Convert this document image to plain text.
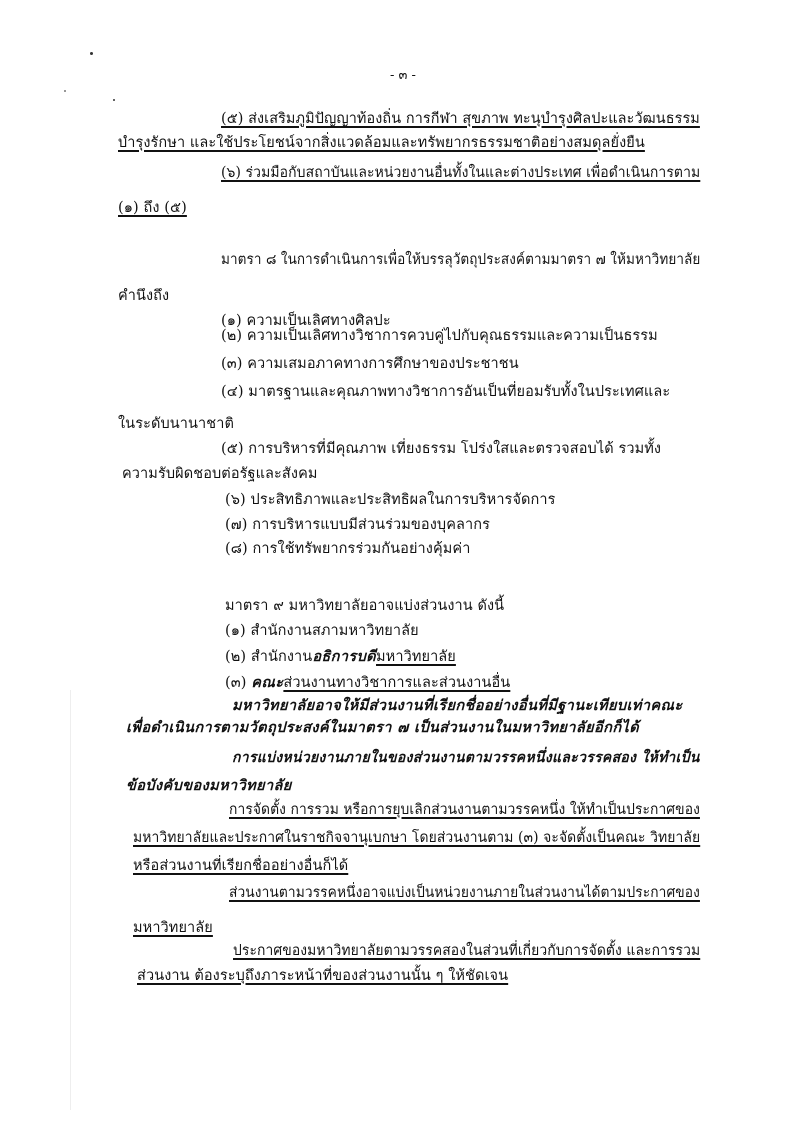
- ๓ -
(๕) ส่งเสริมภูมิปัญญาท้องถิ่น การกีฬา สุขภาพ ทะนุบำรุงศิลปะและวัฒนธรรม
บำรุงรักษา และใช้ประโยชน์จากสิ่งแวดล้อมและทรัพยากรธรรมชาติอย่างสมดุลยั่งยืน
(๖) ร่วมมือกับสถาบันและหน่วยงานอื่นทั้งในและต่างประเทศ เพื่อดำเนินการตาม
(๑) ถึง (๕)
มาตรา ๘ ในการดำเนินการเพื่อให้บรรลุวัตถุประสงค์ตามมาตรา ๗ ให้มหาวิทยาลัย
คำนึงถึง
(๑) ความเป็นเลิศทางศิลปะ
(๒) ความเป็นเลิศทางวิชาการควบคู่ไปกับคุณธรรมและความเป็นธรรม
(๓) ความเสมอภาคทางการศึกษาของประชาชน
(๔) มาตรฐานและคุณภาพทางวิชาการอันเป็นที่ยอมรับทั้งในประเทศและ
ในระดับนานาชาติ
(๕) การบริหารที่มีคุณภาพ เที่ยงธรรม โปร่งใสและตรวจสอบได้ รวมทั้ง
ความรับผิดชอบต่อรัฐและสังคม
(๖) ประสิทธิภาพและประสิทธิผลในการบริหารจัดการ
(๗) การบริหารแบบมีส่วนร่วมของบุคลากร
(๘) การใช้ทรัพยากรร่วมกันอย่างคุ้มค่า
มาตรา ๙ มหาวิทยาลัยอาจแบ่งส่วนงาน ดังนี้
(๑) สำนักงานสภามหาวิทยาลัย
(๒) สำนักงานอธิการบดีมหาวิทยาลัย
(๓) คณะส่วนงานทางวิชาการและส่วนงานอื่น
มหาวิทยาลัยอาจให้มีส่วนงานที่เรียกชื่ออย่างอื่นที่มีฐานะเทียบเท่าคณะ
เพื่อดำเนินการตามวัตถุประสงค์ในมาตรา ๗ เป็นส่วนงานในมหาวิทยาลัยอีกก็ได้
การแบ่งหน่วยงานภายในของส่วนงานตามวรรคหนึ่งและวรรคสอง ให้ทำเป็น
ข้อบังคับของมหาวิทยาลัย
การจัดตั้ง การรวม หรือการยุบเลิกส่วนงานตามวรรคหนึ่ง ให้ทำเป็นประกาศของ
มหาวิทยาลัยและประกาศในราชกิจจานุเบกษา โดยส่วนงานตาม (๓) จะจัดตั้งเป็นคณะ วิทยาลัย
หรือส่วนงานที่เรียกชื่ออย่างอื่นก็ได้
ส่วนงานตามวรรคหนึ่งอาจแบ่งเป็นหน่วยงานภายในส่วนงานได้ตามประกาศของ
มหาวิทยาลัย
ประกาศของมหาวิทยาลัยตามวรรคสองในส่วนที่เกี่ยวกับการจัดตั้ง และการรวม
ส่วนงาน ต้องระบุถึงภาระหน้าที่ของส่วนงานนั้น ๆ ให้ชัดเจน
